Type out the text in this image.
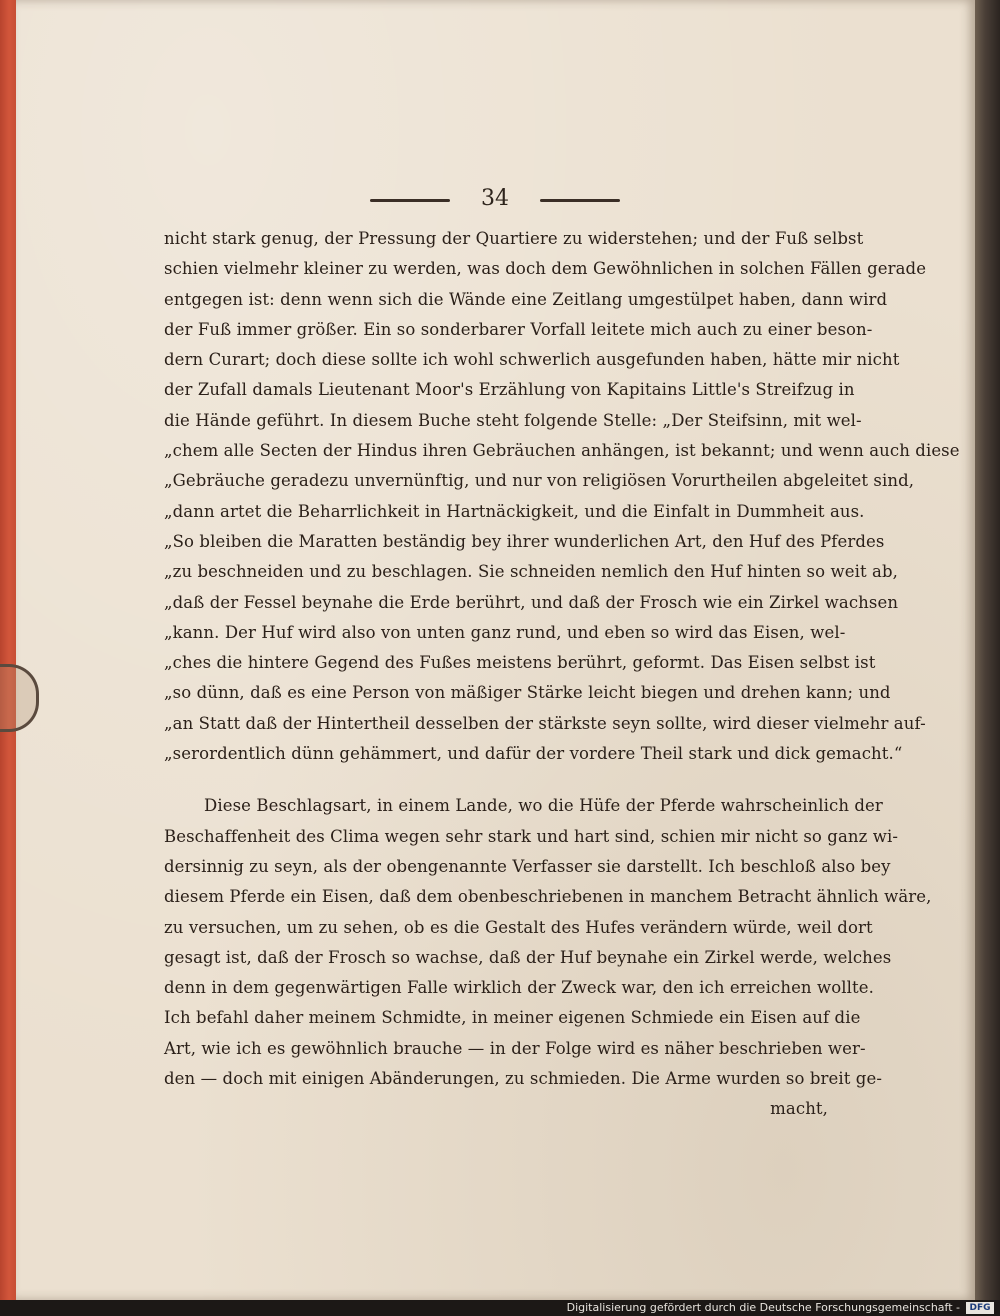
34
nicht stark genug, der Pressung der Quartiere zu widerstehen; und der Fuß selbst
schien vielmehr kleiner zu werden, was doch dem Gewöhnlichen in solchen Fällen gerade
entgegen ist: denn wenn sich die Wände eine Zeitlang umgestülpet haben, dann wird
der Fuß immer größer. Ein so sonderbarer Vorfall leitete mich auch zu einer beson-
dern Curart; doch diese sollte ich wohl schwerlich ausgefunden haben, hätte mir nicht
der Zufall damals Lieutenant Moor's Erzählung von Kapitains Little's Streifzug in
die Hände geführt. In diesem Buche steht folgende Stelle: „Der Steifsinn, mit wel-
„chem alle Secten der Hindus ihren Gebräuchen anhängen, ist bekannt; und wenn auch diese
„Gebräuche geradezu unvernünftig, und nur von religiösen Vorurtheilen abgeleitet sind,
„dann artet die Beharrlichkeit in Hartnäckigkeit, und die Einfalt in Dummheit aus.
„So bleiben die Maratten beständig bey ihrer wunderlichen Art, den Huf des Pferdes
„zu beschneiden und zu beschlagen. Sie schneiden nemlich den Huf hinten so weit ab,
„daß der Fessel beynahe die Erde berührt, und daß der Frosch wie ein Zirkel wachsen
„kann. Der Huf wird also von unten ganz rund, und eben so wird das Eisen, wel-
„ches die hintere Gegend des Fußes meistens berührt, geformt. Das Eisen selbst ist
„so dünn, daß es eine Person von mäßiger Stärke leicht biegen und drehen kann; und
„an Statt daß der Hintertheil desselben der stärkste seyn sollte, wird dieser vielmehr auf-
„serordentlich dünn gehämmert, und dafür der vordere Theil stark und dick gemacht.“
Diese Beschlagsart, in einem Lande, wo die Hüfe der Pferde wahrscheinlich der
Beschaffenheit des Clima wegen sehr stark und hart sind, schien mir nicht so ganz wi-
dersinnig zu seyn, als der obengenannte Verfasser sie darstellt. Ich beschloß also bey
diesem Pferde ein Eisen, daß dem obenbeschriebenen in manchem Betracht ähnlich wäre,
zu versuchen, um zu sehen, ob es die Gestalt des Hufes verändern würde, weil dort
gesagt ist, daß der Frosch so wachse, daß der Huf beynahe ein Zirkel werde, welches
denn in dem gegenwärtigen Falle wirklich der Zweck war, den ich erreichen wollte.
Ich befahl daher meinem Schmidte, in meiner eigenen Schmiede ein Eisen auf die
Art, wie ich es gewöhnlich brauche — in der Folge wird es näher beschrieben wer-
den — doch mit einigen Abänderungen, zu schmieden. Die Arme wurden so breit ge-
macht,
Digitalisierung gefördert durch die Deutsche Forschungsgemeinschaft -	DFG
